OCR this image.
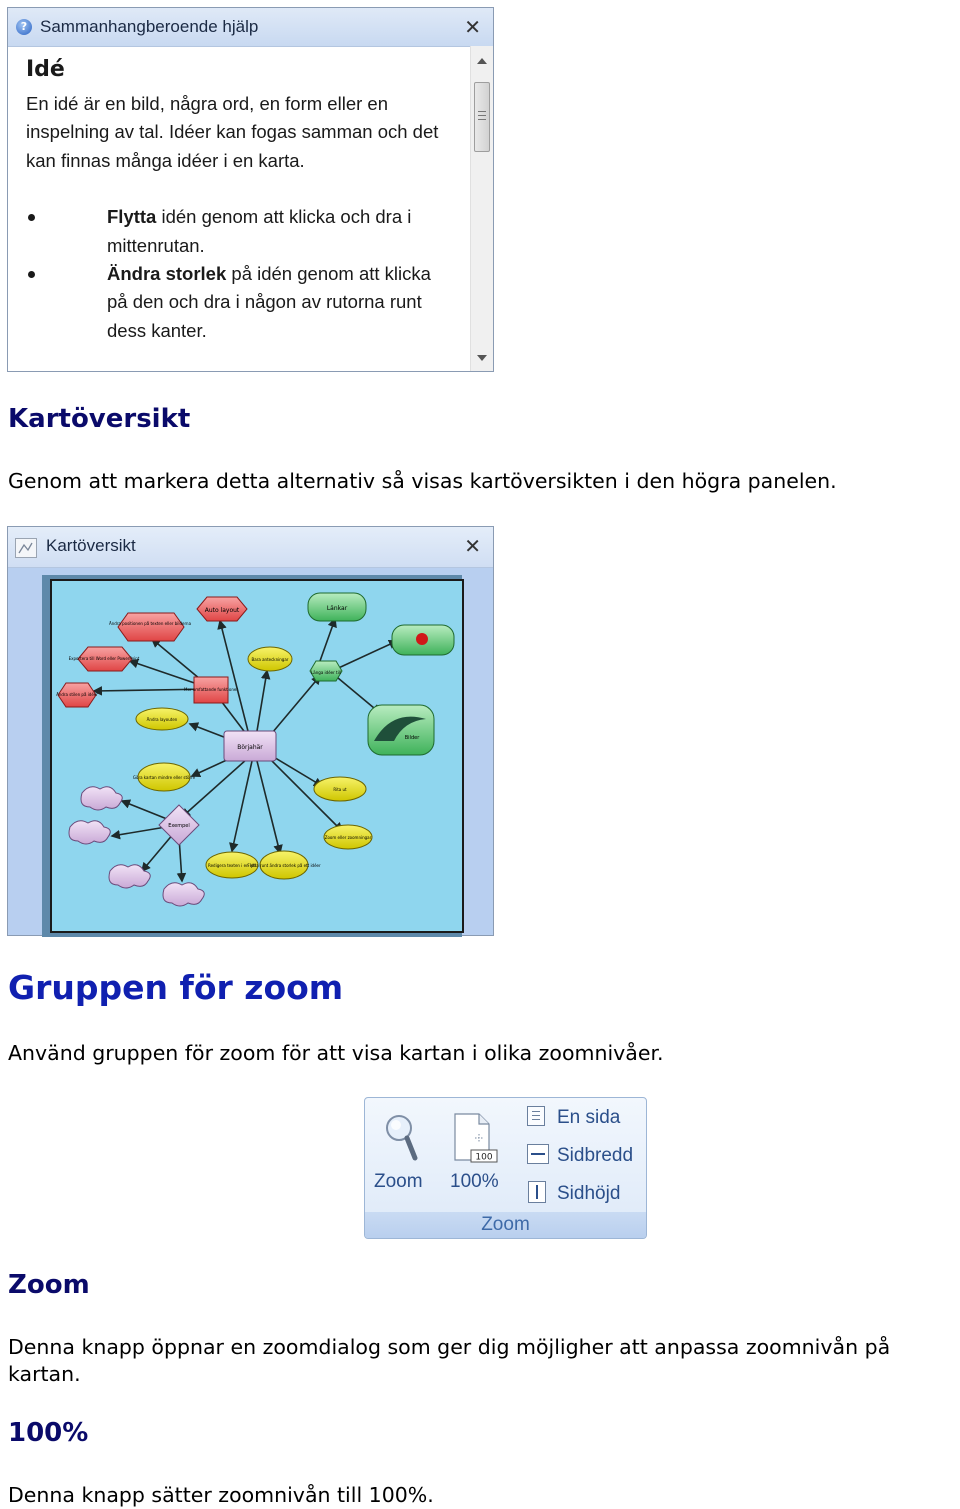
? Sammanhangberoende hjälp	✕
Idé

En idé är en bild, några ord, en form eller en inspelning av tal. Idéer kan fogas samman och det kan finnas många idéer i en karta.

Flytta idén genom att klicka och dra i mittenrutan.
Ändra storlek på idén genom att klicka på den och dra i någon av rutorna runt dess kanter.
Kartöversikt
Genom att markera detta alternativ så visas kartöversikten i den högra panelen.
Kartöversikt	✕
Auto layout
Ändra positionen på texten eller bilderna
Exportera till Word eller PowerPoint
Ändra stilen på idéer
Mer omfattande funktioner
Länkar
Länga idéer till
Bilder
Bara anteckningar
Ändra layouten
Göra kartan mindre eller större
Rita ut
Zoom eller zoomningar
Redigera texten i en idé
Flytta runt ändra storlek på ett idéer
Börjahär
Exempel
Gruppen för zoom
Använd gruppen för zoom för att visa kartan i olika zoomnivåer.
Zoom
100
100%
En sida
Sidbredd
Sidhöjd
Zoom
Zoom
Denna knapp öppnar en zoomdialog som ger dig möjligher att anpassa zoomnivån på kartan.
100%
Denna knapp sätter zoomnivån till 100%.
